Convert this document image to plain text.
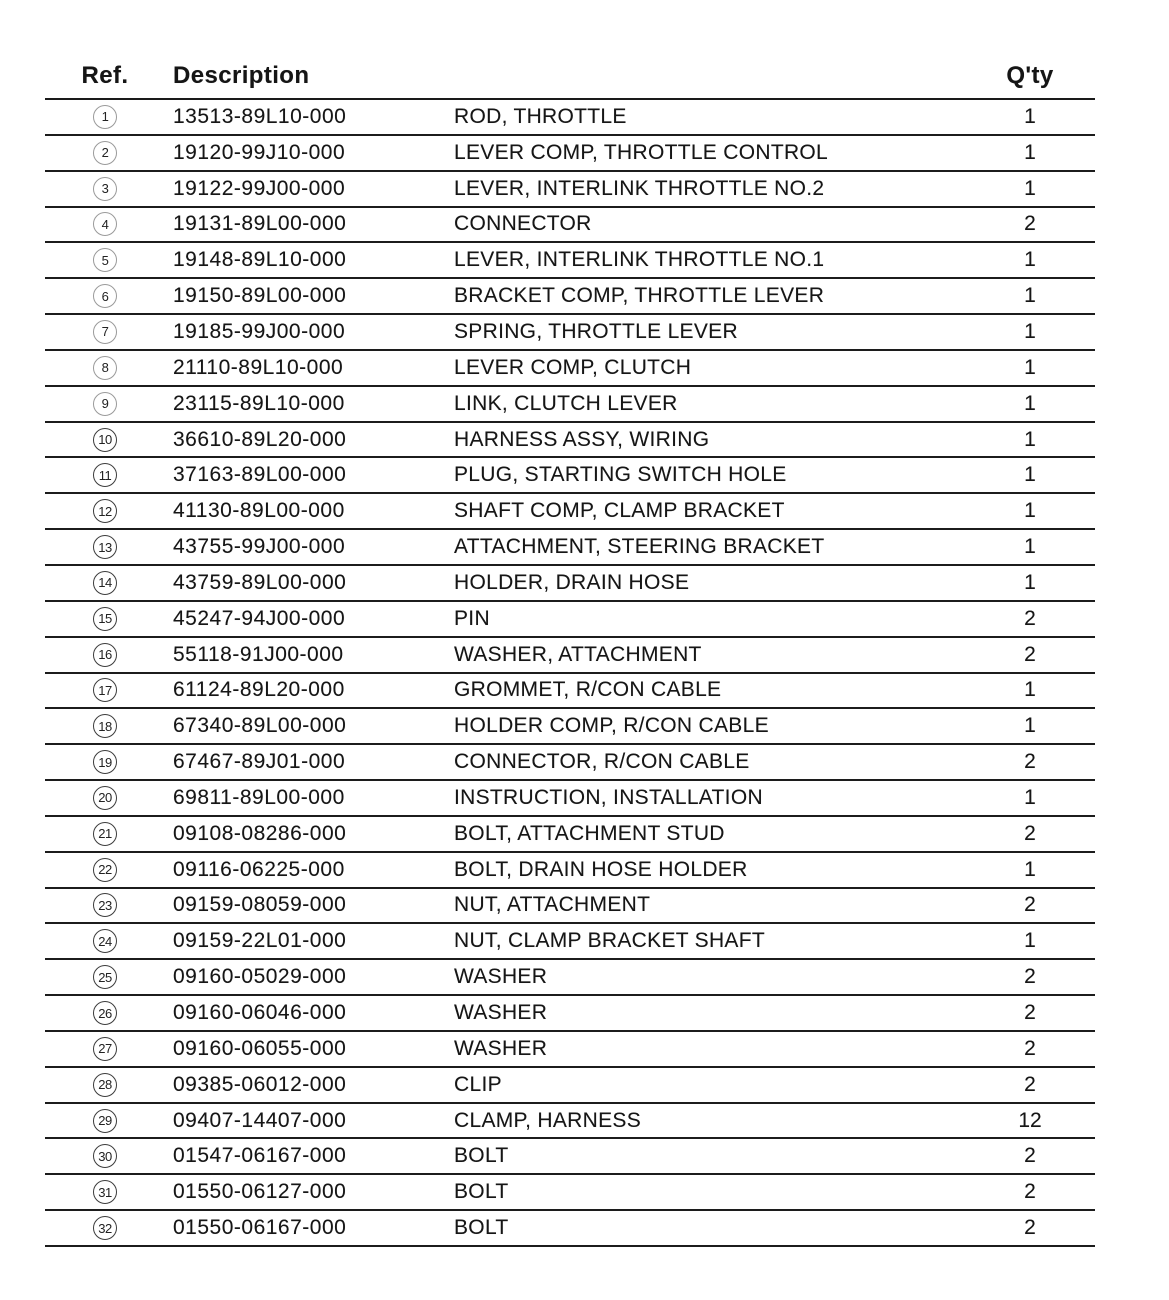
Ref.	Description	Q'ty
1	13513-89L10-000	ROD, THROTTLE	1
2	19120-99J10-000	LEVER COMP, THROTTLE CONTROL	1
3	19122-99J00-000	LEVER, INTERLINK THROTTLE NO.2	1
4	19131-89L00-000	CONNECTOR	2
5	19148-89L10-000	LEVER, INTERLINK THROTTLE NO.1	1
6	19150-89L00-000	BRACKET COMP, THROTTLE LEVER	1
7	19185-99J00-000	SPRING, THROTTLE LEVER	1
8	21110-89L10-000	LEVER COMP, CLUTCH	1
9	23115-89L10-000	LINK, CLUTCH LEVER	1
10	36610-89L20-000	HARNESS ASSY, WIRING	1
11	37163-89L00-000	PLUG, STARTING SWITCH HOLE	1
12	41130-89L00-000	SHAFT COMP, CLAMP BRACKET	1
13	43755-99J00-000	ATTACHMENT, STEERING BRACKET	1
14	43759-89L00-000	HOLDER, DRAIN HOSE	1
15	45247-94J00-000	PIN	2
16	55118-91J00-000	WASHER, ATTACHMENT	2
17	61124-89L20-000	GROMMET, R/CON CABLE	1
18	67340-89L00-000	HOLDER COMP, R/CON CABLE	1
19	67467-89J01-000	CONNECTOR, R/CON CABLE	2
20	69811-89L00-000	INSTRUCTION, INSTALLATION	1
21	09108-08286-000	BOLT, ATTACHMENT STUD	2
22	09116-06225-000	BOLT, DRAIN HOSE HOLDER	1
23	09159-08059-000	NUT, ATTACHMENT	2
24	09159-22L01-000	NUT, CLAMP BRACKET SHAFT	1
25	09160-05029-000	WASHER	2
26	09160-06046-000	WASHER	2
27	09160-06055-000	WASHER	2
28	09385-06012-000	CLIP	2
29	09407-14407-000	CLAMP, HARNESS	12
30	01547-06167-000	BOLT	2
31	01550-06127-000	BOLT	2
32	01550-06167-000	BOLT	2
